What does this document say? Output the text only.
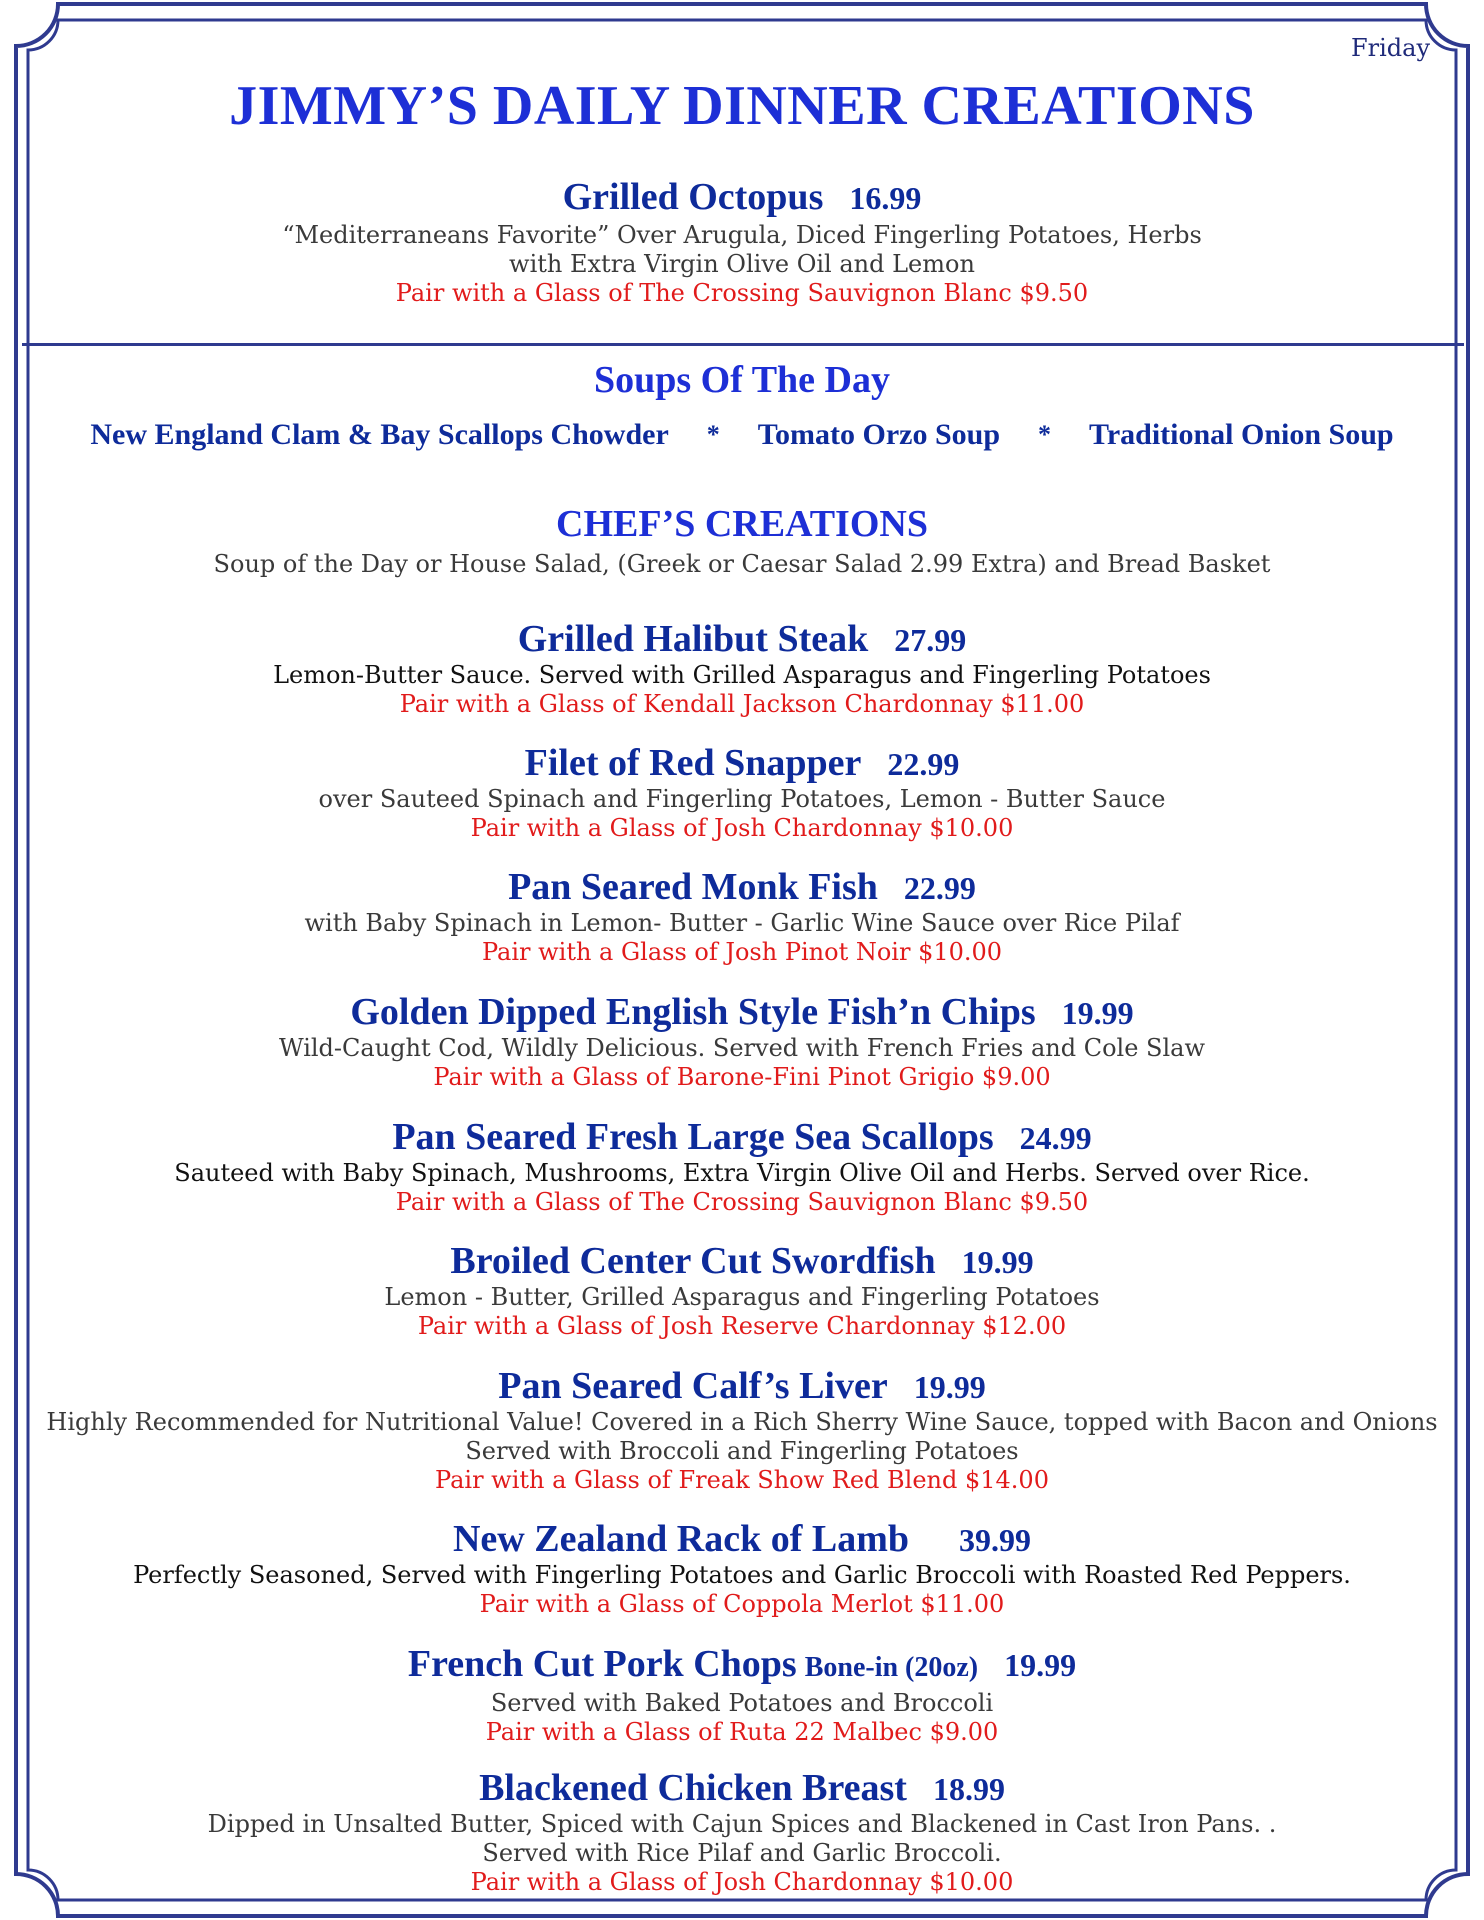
Friday
JIMMY’S DAILY DINNER CREATIONS

Grilled Octopus 16.99

“Mediterraneans Favorite” Over Arugula, Diced Fingerling Potatoes, Herbs

with Extra Virgin Olive Oil and Lemon

Pair with a Glass of The Crossing Sauvignon Blanc $9.50

Soups Of The Day

New England Clam & Bay Scallops Chowder * Tomato Orzo Soup * Traditional Onion Soup

CHEF’S CREATIONS

Soup of the Day or House Salad, (Greek or Caesar Salad 2.99 Extra) and Bread Basket

Grilled Halibut Steak 27.99

Lemon-Butter Sauce. Served with Grilled Asparagus and Fingerling Potatoes

Pair with a Glass of Kendall Jackson Chardonnay $11.00

Filet of Red Snapper 22.99

over Sauteed Spinach and Fingerling Potatoes, Lemon - Butter Sauce

Pair with a Glass of Josh Chardonnay $10.00

Pan Seared Monk Fish 22.99

with Baby Spinach in Lemon- Butter - Garlic Wine Sauce over Rice Pilaf

Pair with a Glass of Josh Pinot Noir $10.00

Golden Dipped English Style Fish’n Chips 19.99

Wild-Caught Cod, Wildly Delicious. Served with French Fries and Cole Slaw

Pair with a Glass of Barone-Fini Pinot Grigio $9.00

Pan Seared Fresh Large Sea Scallops 24.99

Sauteed with Baby Spinach, Mushrooms, Extra Virgin Olive Oil and Herbs. Served over Rice.

Pair with a Glass of The Crossing Sauvignon Blanc $9.50

Broiled Center Cut Swordfish 19.99

Lemon - Butter, Grilled Asparagus and Fingerling Potatoes

Pair with a Glass of Josh Reserve Chardonnay $12.00

Pan Seared Calf’s Liver 19.99

Highly Recommended for Nutritional Value! Covered in a Rich Sherry Wine Sauce, topped with Bacon and Onions

Served with Broccoli and Fingerling Potatoes

Pair with a Glass of Freak Show Red Blend $14.00

New Zealand Rack of Lamb 39.99

Perfectly Seasoned, Served with Fingerling Potatoes and Garlic Broccoli with Roasted Red Peppers.

Pair with a Glass of Coppola Merlot $11.00

French Cut Pork Chops Bone-in (20oz) 19.99

Served with Baked Potatoes and Broccoli

Pair with a Glass of Ruta 22 Malbec $9.00

Blackened Chicken Breast 18.99

Dipped in Unsalted Butter, Spiced with Cajun Spices and Blackened in Cast Iron Pans. .

Served with Rice Pilaf and Garlic Broccoli.

Pair with a Glass of Josh Chardonnay $10.00
